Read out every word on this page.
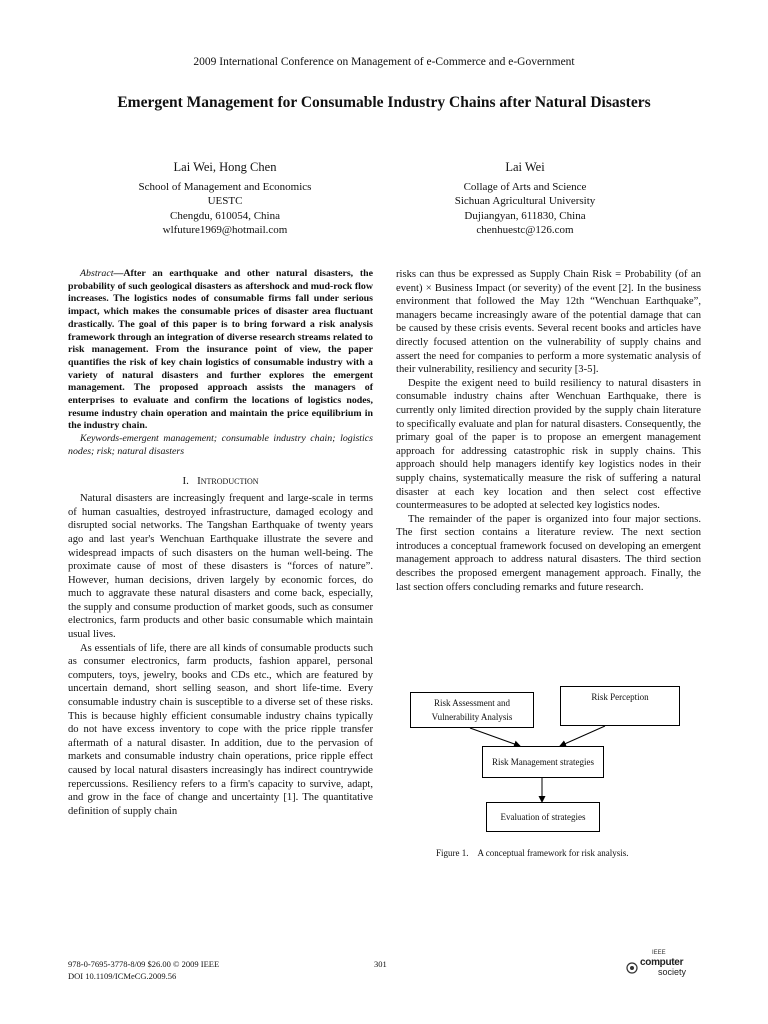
2009 International Conference on Management of e-Commerce and e-Government
Emergent Management for Consumable Industry Chains after Natural Disasters
Lai Wei, Hong Chen
School of Management and Economics
UESTC
Chengdu, 610054, China
wlfuture1969@hotmail.com
Lai Wei
Collage of Arts and Science
Sichuan Agricultural University
Dujiangyan, 611830, China
chenhuestc@126.com

Abstract—After an earthquake and other natural disasters, the probability of such geological disasters as aftershock and mud-rock flow increases. The logistics nodes of consumable firms fall under serious impact, which makes the consumable prices of disaster area fluctuant drastically. The goal of this paper is to bring forward a risk analysis framework through an integration of diverse research streams related to risk management. From the insurance point of view, the paper quantifies the risk of key chain logistics of consumable industry with a variety of natural disasters and further explores the emergent management. The proposed approach assists the managers of enterprises to evaluate and confirm the locations of logistics nodes, resume industry chain operation and maintain the price equilibrium in the industry chain.

Keywords-emergent management; consumable industry chain; logistics nodes; risk; natural disasters

I. Introduction

Natural disasters are increasingly frequent and large-scale in terms of human casualties, destroyed infrastructure, damaged ecology and disrupted social networks. The Tangshan Earthquake of twenty years ago and last year's Wenchuan Earthquake illustrate the severe and widespread impacts of such disasters on the human well-being. The proximate cause of most of these disasters is “forces of nature”. However, human decisions, driven largely by economic forces, do much to aggravate these natural disasters and come back, especially, the supply and consume production of market goods, such as consumer electronics, farm products and other basic consumable which maintain usual lives.

As essentials of life, there are all kinds of consumable products such as consumer electronics, farm products, fashion apparel, personal computers, toys, jewelry, books and CDs etc., which are featured by uncertain demand, short selling season, and short life-time. Every consumable industry chain is susceptible to a diverse set of these risks. This is because highly efficient consumable industry chains typically do not have excess inventory to cope with the price ripple transfer aftermath of a natural disaster. In addition, due to the pervasion of markets and consumable industry chain operations, price ripple effect caused by local natural disasters increasingly has indirect countrywide repercussions. Resiliency refers to a firm's capacity to survive, adapt, and grow in the face of change and uncertainty [1]. The quantitative definition of supply chain

risks can thus be expressed as Supply Chain Risk = Probability (of an event) × Business Impact (or severity) of the event [2]. In the business environment that followed the May 12th “Wenchuan Earthquake”, managers became increasingly aware of the potential damage that can be caused by these crisis events. Several recent books and articles have directly focused attention on the vulnerability of supply chains and assert the need for companies to perform a more systematic analysis of their vulnerability, resiliency and security [3-5].

Despite the exigent need to build resiliency to natural disasters in consumable industry chains after Wenchuan Earthquake, there is currently only limited direction provided by the supply chain literature to specifically evaluate and plan for natural disasters. Consequently, the primary goal of the paper is to propose an emergent management approach for addressing catastrophic risk in supply chains. This approach should help managers identify key logistics nodes in their supply chains, systematically measure the risk of suffering a natural disaster at each key location and then select cost effective countermeasures to be adopted at selected key logistics nodes.

The remainder of the paper is organized into four major sections. The first section contains a literature review. The next section introduces a conceptual framework focused on developing an emergent management approach to address natural disasters. The third section describes the proposed emergent management approach. Finally, the last section offers concluding remarks and future research.

Risk Assessment and Vulnerability Analysis
Risk Perception
Risk Management strategies
Evaluation of strategies
Figure 1. A conceptual framework for risk analysis.
978-0-7695-3778-8/09 $26.00 © 2009 IEEE
DOI 10.1109/ICMeCG.2009.56
301
IEEE
computer
society
